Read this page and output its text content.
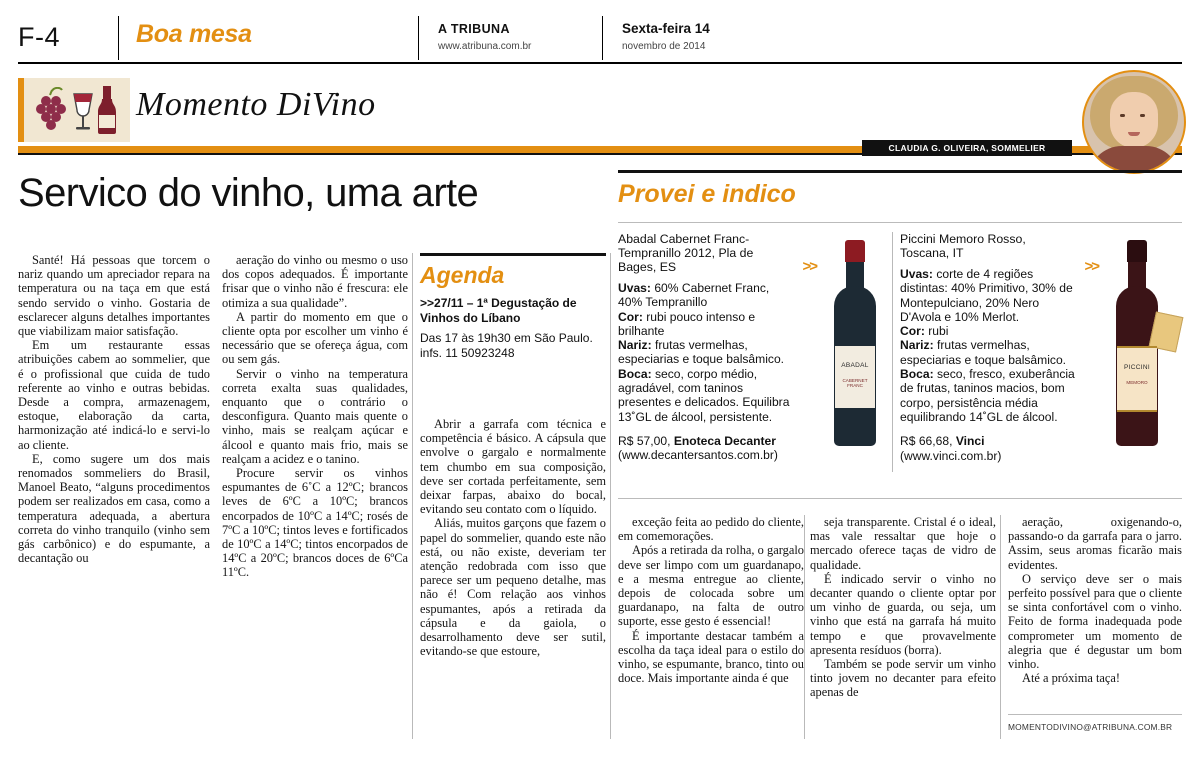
F-4	Boa mesa	A TRIBUNA
www.atribuna.com.br
Sexta-feira 14
novembro de 2014
Momento DiVino
CLAUDIA G. OLIVEIRA, SOMMELIER
Servico do vinho, uma arte

Santé! Há pessoas que torcem o nariz quando um apreciador repara na temperatura ou na taça em que está sendo servido o vinho. Gostaria de esclarecer alguns detalhes importantes que viabilizam maior satisfação.

Em um restaurante essas atribuições cabem ao sommelier, que é o profissional que cuida de tudo referente ao vinho e outras bebidas. Desde a compra, armazenagem, estoque, elaboração da carta, harmonização até indicá-lo e servi-lo ao cliente.

E, como sugere um dos mais renomados sommeliers do Brasil, Manoel Beato, “alguns procedimentos podem ser realizados em casa, como a temperatura adequada, a abertura correta do vinho tranquilo (vinho sem gás carbônico) e do espumante, a decantação ou

aeração do vinho ou mesmo o uso dos copos adequados. É importante frisar que o vinho não é frescura: ele otimiza a sua qualidade”.

A partir do momento em que o cliente opta por escolher um vinho é necessário que se ofereça água, com ou sem gás.

Servir o vinho na temperatura correta exalta suas qualidades, enquanto que o contrário o desconfigura. Quanto mais quente o vinho, mais se realçam açúcar e álcool e quanto mais frio, mais se realçam a acidez e o tanino.

Procure servir os vinhos espumantes de 6˚C a 12ºC; brancos leves de 6ºC a 10ºC; brancos encorpados de 10ºC a 14ºC; rosés de 7ºC a 10ºC; tintos leves e fortificados de 10ºC a 14ºC; tintos encorpados de 14ºC a 20ºC; brancos doces de 6ºCa 11ºC.

Agenda
>>27/11 – 1ª Degustação de Vinhos do Líbano
Das 17 às 19h30 em São Paulo. infs. 11 50923248

Abrir a garrafa com técnica e competência é básico. A cápsula que envolve o gargalo e normalmente tem chumbo em sua composição, deve ser cortada perfeitamente, sem deixar farpas, abaixo do bocal, evitando seu contato com o líquido.

Aliás, muitos garçons que fazem o papel do sommelier, quando este não está, ou não existe, deveriam ter atenção redobrada com isso que parece ser um pequeno detalhe, mas não é! Com relação aos vinhos espumantes, após a retirada da cápsula e da gaiola, o desarrolhamento deve ser sutil, evitando-se que estoure,

exceção feita ao pedido do cliente, em comemorações.

Após a retirada da rolha, o gargalo deve ser limpo com um guardanapo, e a mesma entregue ao cliente, depois de colocada sobre um guardanapo, na falta de outro suporte, esse gesto é essencial!

É importante destacar também a escolha da taça ideal para o estilo do vinho, se espumante, branco, tinto ou doce. Mais importante ainda é que

seja transparente. Cristal é o ideal, mas vale ressaltar que hoje o mercado oferece taças de vidro de qualidade.

É indicado servir o vinho no decanter quando o cliente optar por um vinho de guarda, ou seja, um vinho que está na garrafa há muito tempo e que provavelmente apresenta resíduos (borra).

Também se pode servir um vinho tinto jovem no decanter para efeito apenas de

aeração, oxigenando-o, passando-o da garrafa para o jarro. Assim, seus aromas ficarão mais evidentes.

O serviço deve ser o mais perfeito possível para que o cliente se sinta confortável com o vinho. Feito de forma inadequada pode comprometer um momento de alegria que é degustar um bom vinho.

Até a próxima taça!

Provei e indico
Abadal Cabernet Franc-Tempranillo 2012, Pla de Bages, ES
Uvas: 60% Cabernet Franc, 40% Tempranillo
Cor: rubi pouco intenso e brilhante
Nariz: frutas vermelhas, especiarias e toque balsâmico.
Boca: seco, corpo médio, agradável, com taninos presentes e delicados. Equilibra 13˚GL de álcool, persistente.
R$ 57,00, Enoteca Decanter
(www.decantersantos.com.br)
>>
ABADAL
CABERNET FRANC
Piccini Memoro Rosso, Toscana, IT
Uvas: corte de 4 regiões distintas: 40% Primitivo, 30% de Montepulciano, 20% Nero D'Avola e 10% Merlot.
Cor: rubi
Nariz: frutas vermelhas, especiarias e toque balsâmico.
Boca: seco, fresco, exuberância de frutas, taninos macios, bom corpo, persistência média equilibrando 14˚GL de álcool.
R$ 66,68, Vinci
(www.vinci.com.br)
>>
PICCINI
MEMORO
MOMENTODIVINO@ATRIBUNA.COM.BR
